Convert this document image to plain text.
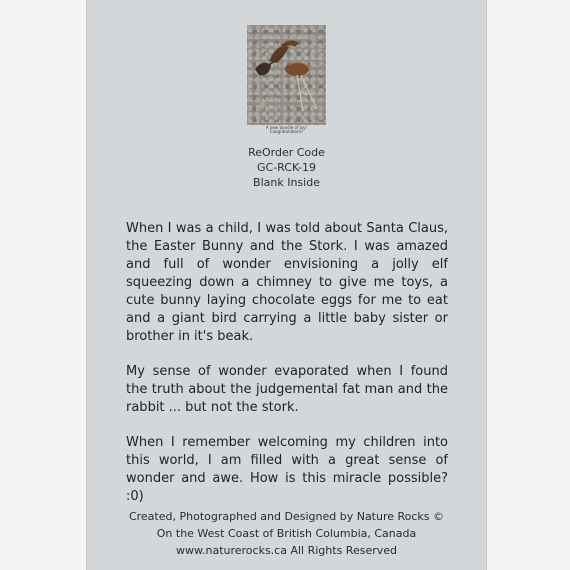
A new bundle of joy!
Congratulations!
ReOrder Code
GC-RCK-19
Blank Inside

When I was a child, I was told about Santa Claus, the Easter Bunny and the Stork. I was amazed and full of wonder envisioning a jolly elf squeezing down a chimney to give me toys, a cute bunny laying chocolate eggs for me to eat and a giant bird carrying a little baby sister or brother in it's beak.

My sense of wonder evaporated when I found the truth about the judgemental fat man and the rabbit ... but not the stork.

When I remember welcoming my children into this world, I am filled with a great sense of wonder and awe. How is this miracle possible? :0)

Created, Photographed and Designed by Nature Rocks ©
On the West Coast of British Columbia, Canada
www.naturerocks.ca All Rights Reserved
